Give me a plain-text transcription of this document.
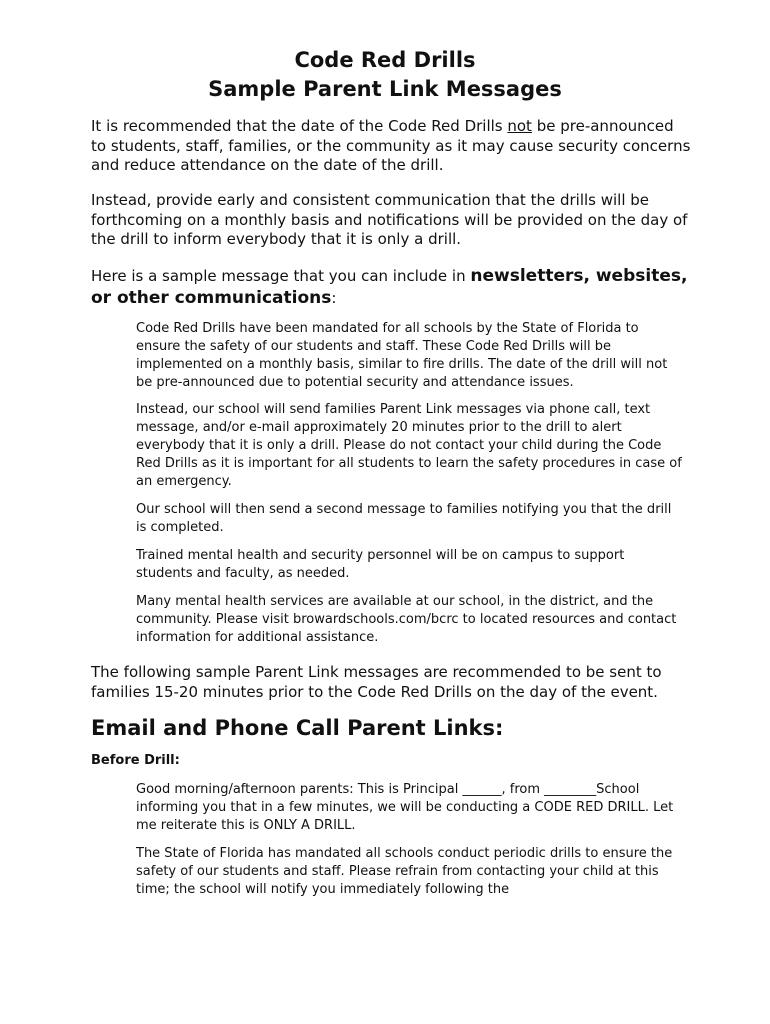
Code Red Drills
Sample Parent Link Messages
It is recommended that the date of the Code Red Drills not be pre-announced to students, staff, families, or the community as it may cause security concerns and reduce attendance on the date of the drill.
Instead, provide early and consistent communication that the drills will be forthcoming on a monthly basis and notifications will be provided on the day of the drill to inform everybody that it is only a drill.
Here is a sample message that you can include in newsletters, websites, or other communications:
Code Red Drills have been mandated for all schools by the State of Florida to ensure the safety of our students and staff. These Code Red Drills will be implemented on a monthly basis, similar to fire drills. The date of the drill will not be pre-announced due to potential security and attendance issues.
Instead, our school will send families Parent Link messages via phone call, text message, and/or e-mail approximately 20 minutes prior to the drill to alert everybody that it is only a drill. Please do not contact your child during the Code Red Drills as it is important for all students to learn the safety procedures in case of an emergency.
Our school will then send a second message to families notifying you that the drill is completed.
Trained mental health and security personnel will be on campus to support students and faculty, as needed.
Many mental health services are available at our school, in the district, and the community. Please visit browardschools.com/bcrc to located resources and contact information for additional assistance.
The following sample Parent Link messages are recommended to be sent to families 15-20 minutes prior to the Code Red Drills on the day of the event.
Email and Phone Call Parent Links:
Before Drill:
Good morning/afternoon parents: This is Principal ______, from ________School informing you that in a few minutes, we will be conducting a CODE RED DRILL. Let me reiterate this is ONLY A DRILL.
The State of Florida has mandated all schools conduct periodic drills to ensure the safety of our students and staff. Please refrain from contacting your child at this time; the school will notify you immediately following the
